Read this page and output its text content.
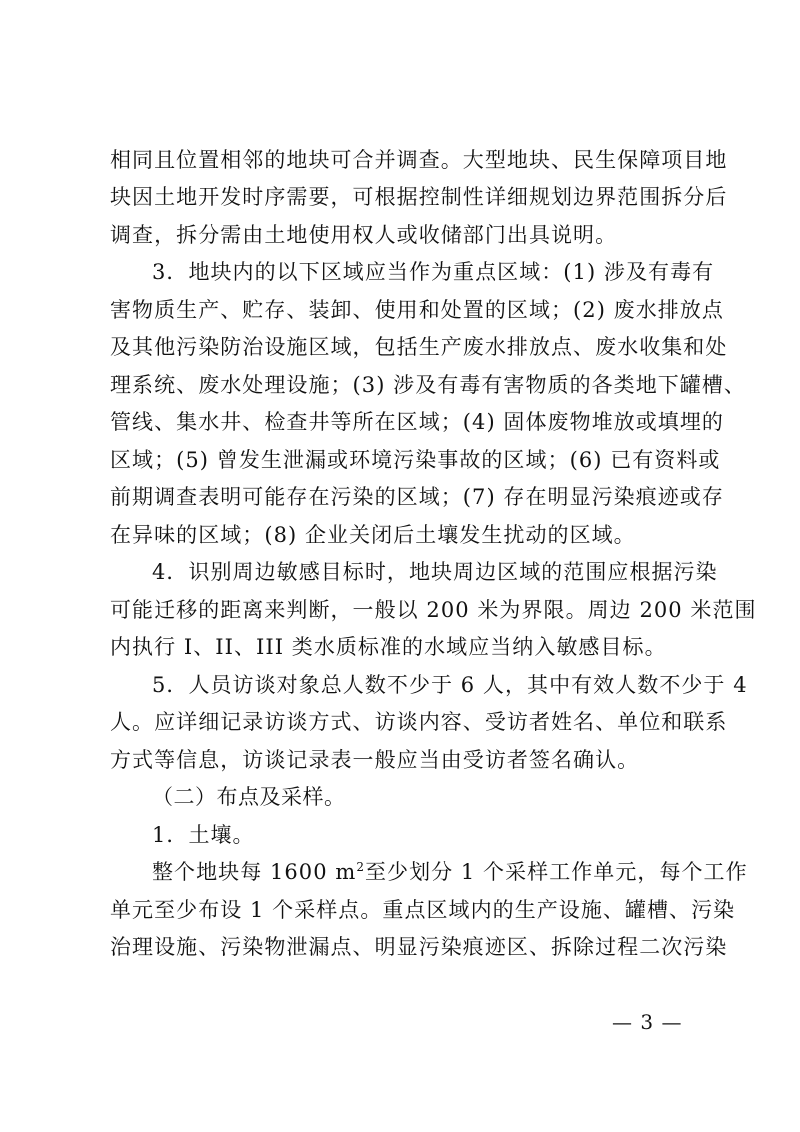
相同且位置相邻的地块可合并调查。大型地块、民生保障项目地
块因土地开发时序需要，可根据控制性详细规划边界范围拆分后
调查，拆分需由土地使用权人或收储部门出具说明。
3．地块内的以下区域应当作为重点区域：(1) 涉及有毒有
害物质生产、贮存、装卸、使用和处置的区域；(2) 废水排放点
及其他污染防治设施区域，包括生产废水排放点、废水收集和处
理系统、废水处理设施；(3) 涉及有毒有害物质的各类地下罐槽、
管线、集水井、检查井等所在区域；(4) 固体废物堆放或填埋的
区域；(5) 曾发生泄漏或环境污染事故的区域；(6) 已有资料或
前期调查表明可能存在污染的区域；(7) 存在明显污染痕迹或存
在异味的区域；(8) 企业关闭后土壤发生扰动的区域。
4．识别周边敏感目标时，地块周边区域的范围应根据污染
可能迁移的距离来判断，一般以 200 米为界限。周边 200 米范围
内执行 I、II、III 类水质标准的水域应当纳入敏感目标。
5．人员访谈对象总人数不少于 6 人，其中有效人数不少于 4
人。应详细记录访谈方式、访谈内容、受访者姓名、单位和联系
方式等信息，访谈记录表一般应当由受访者签名确认。
（二）布点及采样。
1．土壤。
整个地块每 1600 $m^2$至少划分 1 个采样工作单元，每个工作
单元至少布设 1 个采样点。重点区域内的生产设施、罐槽、污染
治理设施、污染物泄漏点、明显污染痕迹区、拆除过程二次污染
— 3 —
